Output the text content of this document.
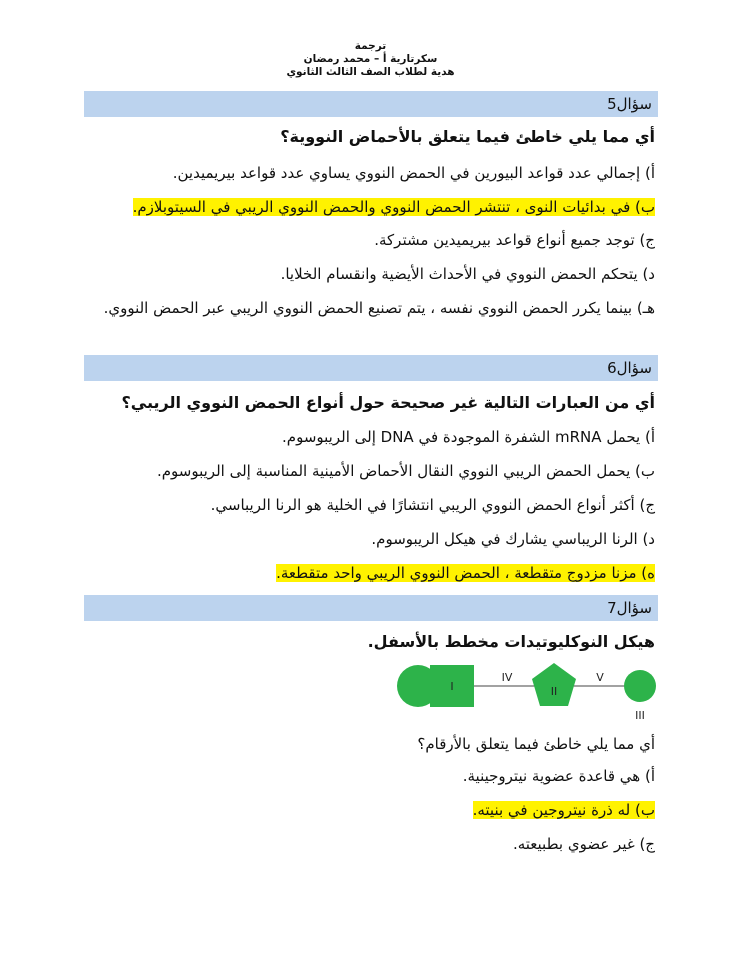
ترجمة
سكرتارية أ – محمد رمضان
هدية لطلاب الصف الثالث الثانوي
سؤال5
أي مما يلي خاطئ فيما يتعلق بالأحماض النووية؟
أ) إجمالي عدد قواعد البيورين في الحمض النووي يساوي عدد قواعد بيريميدين.
ب) في بدائيات النوى ، تنتشر الحمض النووي والحمض النووي الريبي في السيتوبلازم.
ج) توجد جميع أنواع قواعد بيريميدين مشتركة.
د) يتحكم الحمض النووي في الأحداث الأيضية وانقسام الخلايا.
هـ) بينما يكرر الحمض النووي نفسه ، يتم تصنيع الحمض النووي الريبي عبر الحمض النووي.
سؤال6
أي من العبارات التالية غير صحيحة حول أنواع الحمض النووي الريبي؟
أ) يحمل mRNA الشفرة الموجودة في DNA إلى الريبوسوم.
ب) يحمل الحمض الريبي النووي النقال الأحماض الأمينية المناسبة إلى الريبوسوم.
ج) أكثر أنواع الحمض النووي الريبي انتشارًا في الخلية هو الرنا الريباسي.
د) الرنا الريباسي يشارك في هيكل الريبوسوم.
ه) مزنا مزدوج متقطعة ، الحمض النووي الريبي واحد متقطعة.
سؤال7
هيكل النوكليوتيدات مخطط بالأسفل.
I	II
IV	V
III
أي مما يلي خاطئ فيما يتعلق بالأرقام؟
أ) هي قاعدة عضوية نيتروجينية.
ب) له ذرة نيتروجين في بنيته.
ج) غير عضوي بطبيعته.
